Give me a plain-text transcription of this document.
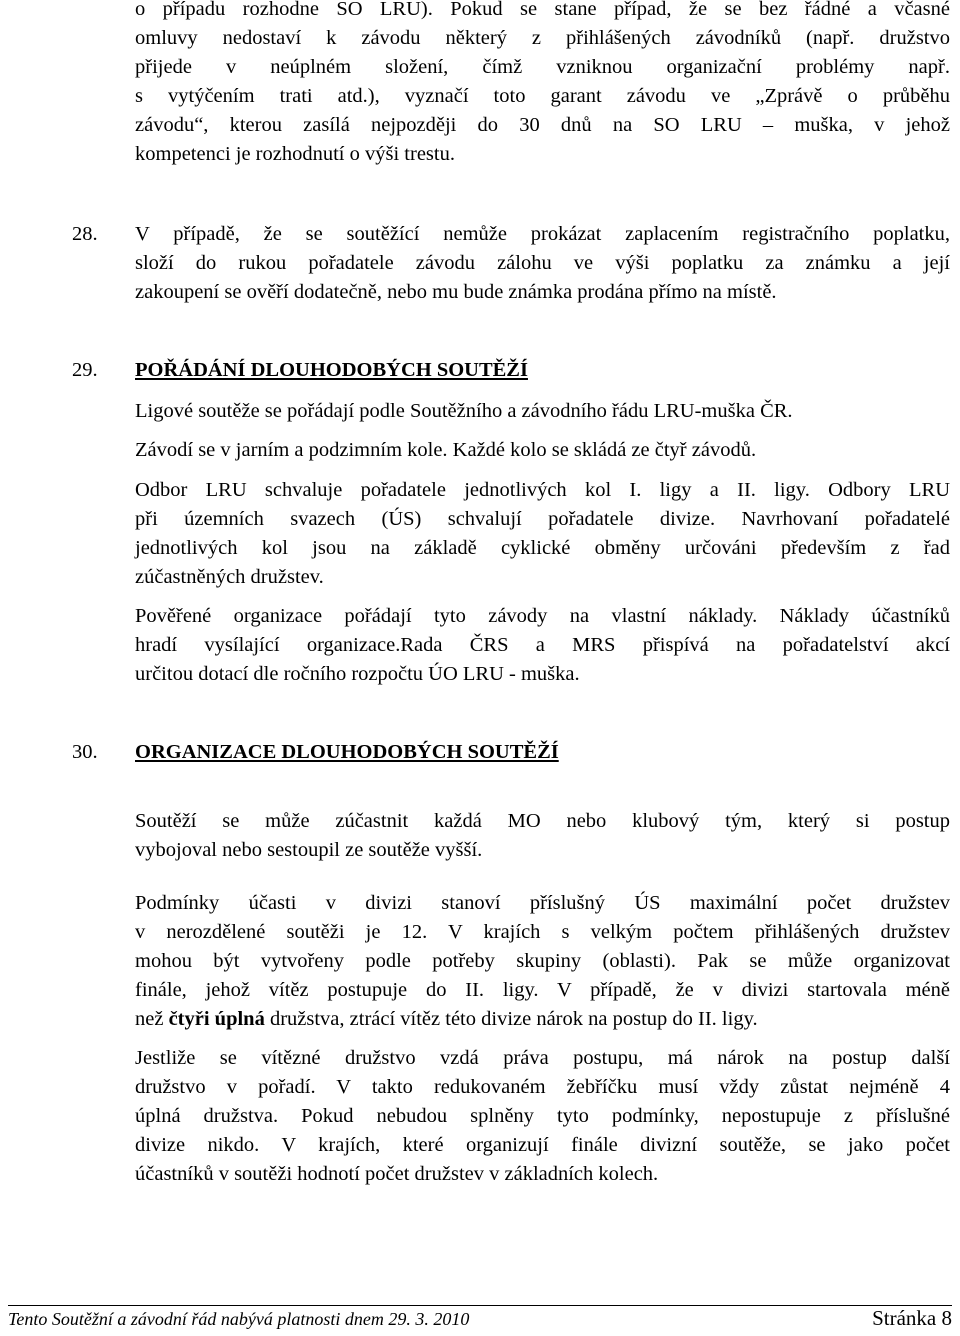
o případu rozhodne SO LRU). Pokud se stane případ, že se bez řádné a včasné
omluvy nedostaví k závodu některý z přihlášených závodníků (např. družstvo
přijede v neúplném složení, čímž vzniknou organizační problémy např.
s vytýčením trati atd.), vyznačí toto garant závodu ve „Zprávě o průběhu
závodu“, kterou zasílá nejpozději do 30 dnů na SO LRU – muška, v jehož
kompetenci je rozhodnutí o výši trestu.
28. V případě, že se soutěžící nemůže prokázat zaplacením registračního poplatku,
složí do rukou pořadatele závodu zálohu ve výši poplatku za známku a její
zakoupení se ověří dodatečně, nebo mu bude známka prodána přímo na místě.
29. POŘÁDÁNÍ DLOUHODOBÝCH SOUTĚŽÍ
Ligové soutěže se pořádají podle Soutěžního a závodního řádu LRU-muška ČR.
Závodí se v jarním a podzimním kole. Každé kolo se skládá ze čtyř závodů.
Odbor LRU schvaluje pořadatele jednotlivých kol I. ligy a II. ligy. Odbory LRU
při územních svazech (ÚS) schvalují pořadatele divize. Navrhovaní pořadatelé
jednotlivých kol jsou na základě cyklické obměny určováni především z řad
zúčastněných družstev.
Pověřené organizace pořádají tyto závody na vlastní náklady. Náklady účastníků
hradí vysílající organizace.Rada ČRS a MRS přispívá na pořadatelství akcí
určitou dotací dle ročního rozpočtu ÚO LRU - muška.
30. ORGANIZACE DLOUHODOBÝCH SOUTĚŽÍ
Soutěží se může zúčastnit každá MO nebo klubový tým, který si postup
vybojoval nebo sestoupil ze soutěže vyšší.
Podmínky účasti v divizi stanoví příslušný ÚS maximální počet družstev
v nerozdělené soutěži je 12. V krajích s velkým počtem přihlášených družstev
mohou být vytvořeny podle potřeby skupiny (oblasti). Pak se může organizovat
finále, jehož vítěz postupuje do II. ligy. V případě, že v divizi startovala méně
než čtyři úplná družstva, ztrácí vítěz této divize nárok na postup do II. ligy.
Jestliže se vítězné družstvo vzdá práva postupu, má nárok na postup další
družstvo v pořadí. V takto redukovaném žebříčku musí vždy zůstat nejméně 4
úplná družstva. Pokud nebudou splněny tyto podmínky, nepostupuje z příslušné
divize nikdo. V krajích, které organizují finále divizní soutěže, se jako počet
účastníků v soutěži hodnotí počet družstev v základních kolech.
Tento Soutěžní a závodní řád nabývá platnosti dnem 29. 3. 2010	Stránka 8
